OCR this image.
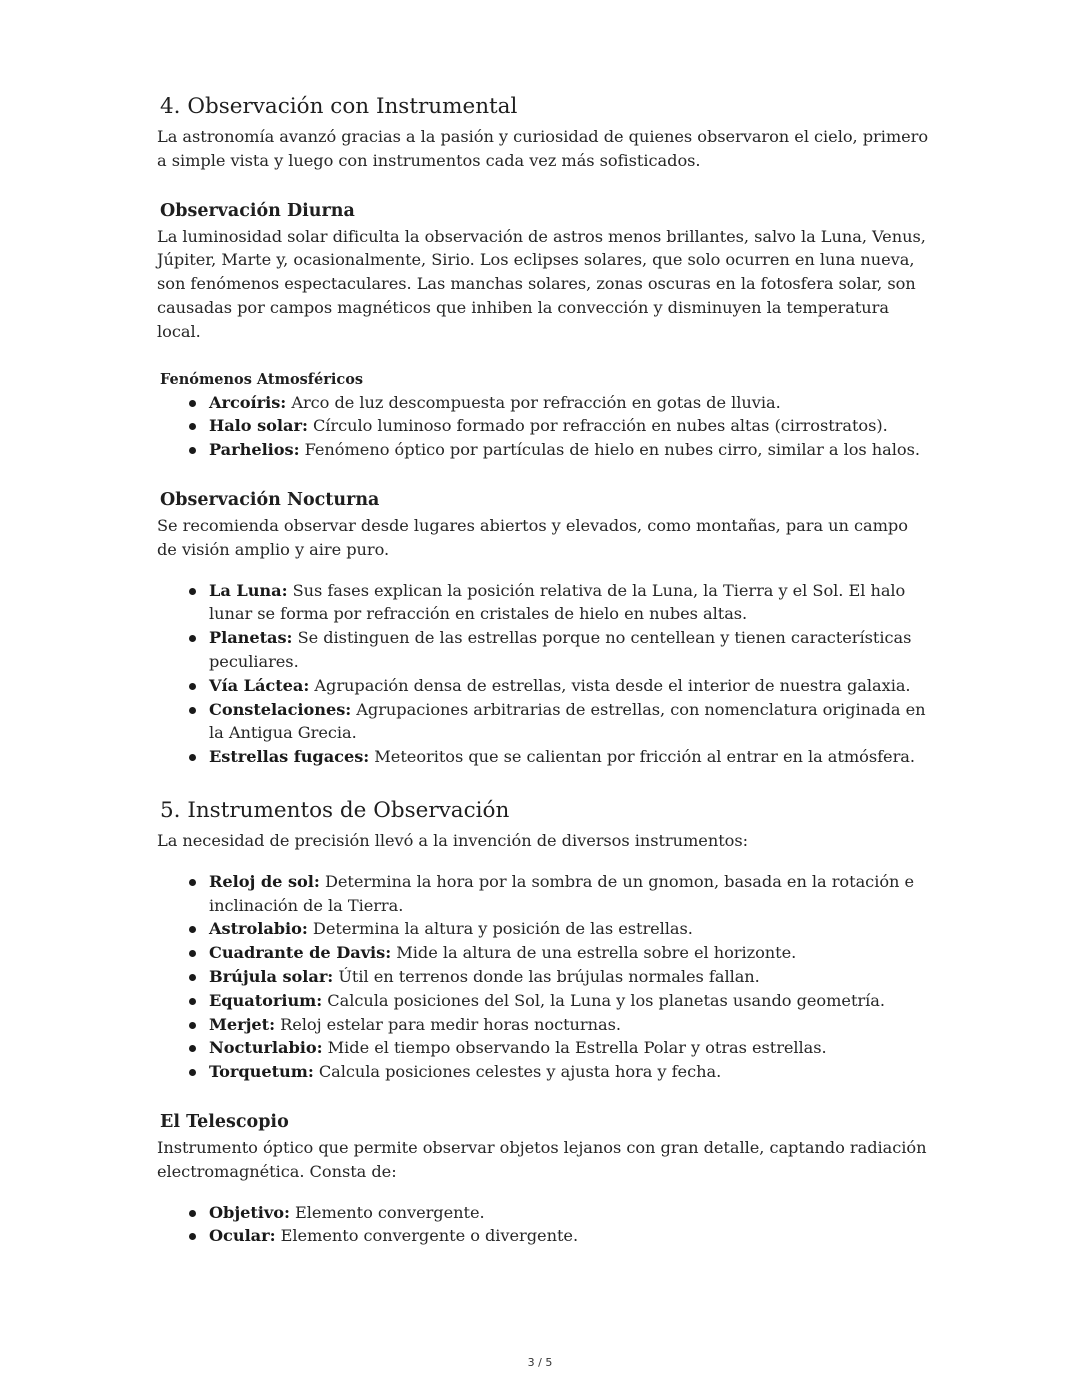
4. Observación con Instrumental

La astronomía avanzó gracias a la pasión y curiosidad de quienes observaron el cielo, primero a simple vista y luego con instrumentos cada vez más sofisticados.

Observación Diurna

La luminosidad solar dificulta la observación de astros menos brillantes, salvo la Luna, Venus, Júpiter, Marte y, ocasionalmente, Sirio. Los eclipses solares, que solo ocurren en luna nueva, son fenómenos espectaculares. Las manchas solares, zonas oscuras en la fotosfera solar, son causadas por campos magnéticos que inhiben la convección y disminuyen la temperatura local.

Fenómenos Atmosféricos
Arcoíris: Arco de luz descompuesta por refracción en gotas de lluvia.
Halo solar: Círculo luminoso formado por refracción en nubes altas (cirrostratos).
Parhelios: Fenómeno óptico por partículas de hielo en nubes cirro, similar a los halos.
Observación Nocturna

Se recomienda observar desde lugares abiertos y elevados, como montañas, para un campo de visión amplio y aire puro.

La Luna: Sus fases explican la posición relativa de la Luna, la Tierra y el Sol. El halo lunar se forma por refracción en cristales de hielo en nubes altas.
Planetas: Se distinguen de las estrellas porque no centellean y tienen características peculiares.
Vía Láctea: Agrupación densa de estrellas, vista desde el interior de nuestra galaxia.
Constelaciones: Agrupaciones arbitrarias de estrellas, con nomenclatura originada en la Antigua Grecia.
Estrellas fugaces: Meteoritos que se calientan por fricción al entrar en la atmósfera.
5. Instrumentos de Observación

La necesidad de precisión llevó a la invención de diversos instrumentos:

Reloj de sol: Determina la hora por la sombra de un gnomon, basada en la rotación e inclinación de la Tierra.
Astrolabio: Determina la altura y posición de las estrellas.
Cuadrante de Davis: Mide la altura de una estrella sobre el horizonte.
Brújula solar: Útil en terrenos donde las brújulas normales fallan.
Equatorium: Calcula posiciones del Sol, la Luna y los planetas usando geometría.
Merjet: Reloj estelar para medir horas nocturnas.
Nocturlabio: Mide el tiempo observando la Estrella Polar y otras estrellas.
Torquetum: Calcula posiciones celestes y ajusta hora y fecha.
El Telescopio

Instrumento óptico que permite observar objetos lejanos con gran detalle, captando radiación electromagnética. Consta de:

Objetivo: Elemento convergente.
Ocular: Elemento convergente o divergente.
3 / 5
